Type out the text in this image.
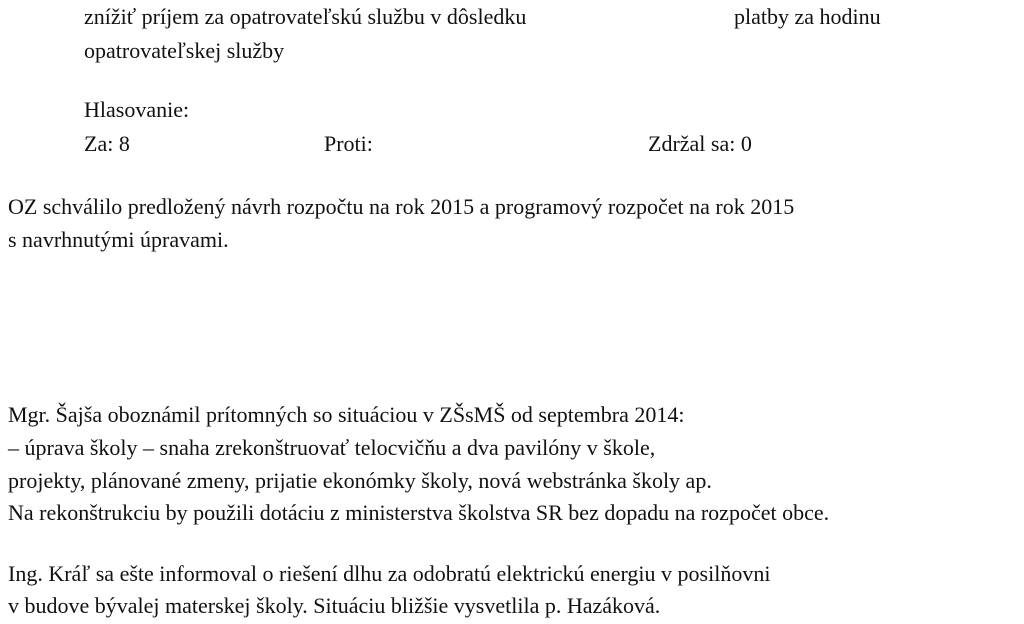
znížiť príjem za opatrovateľskú službu v dôsledku

opatrovateľskej služby

platby za hodinu

Hlasovanie:

Za: 8	Proti:	Zdržal sa: 0

OZ schválilo predložený návrh rozpočtu na rok 2015 a programový rozpočet na rok 2015

s navrhnutými úpravami.

Mgr. Šajša oboznámil prítomných so situáciou v ZŠsMŠ od septembra 2014:

– úprava školy – snaha zrekonštruovať telocvičňu a dva pavilóny v škole,

projekty, plánované zmeny, prijatie ekonómky školy, nová webstránka školy ap.

Na rekonštrukciu by použili dotáciu z ministerstva školstva SR bez dopadu na rozpočet obce.

Ing. Kráľ sa ešte informoval o riešení dlhu za odobratú elektrickú energiu v posilňovni

v budove bývalej materskej školy. Situáciu bližšie vysvetlila p. Hazáková.
